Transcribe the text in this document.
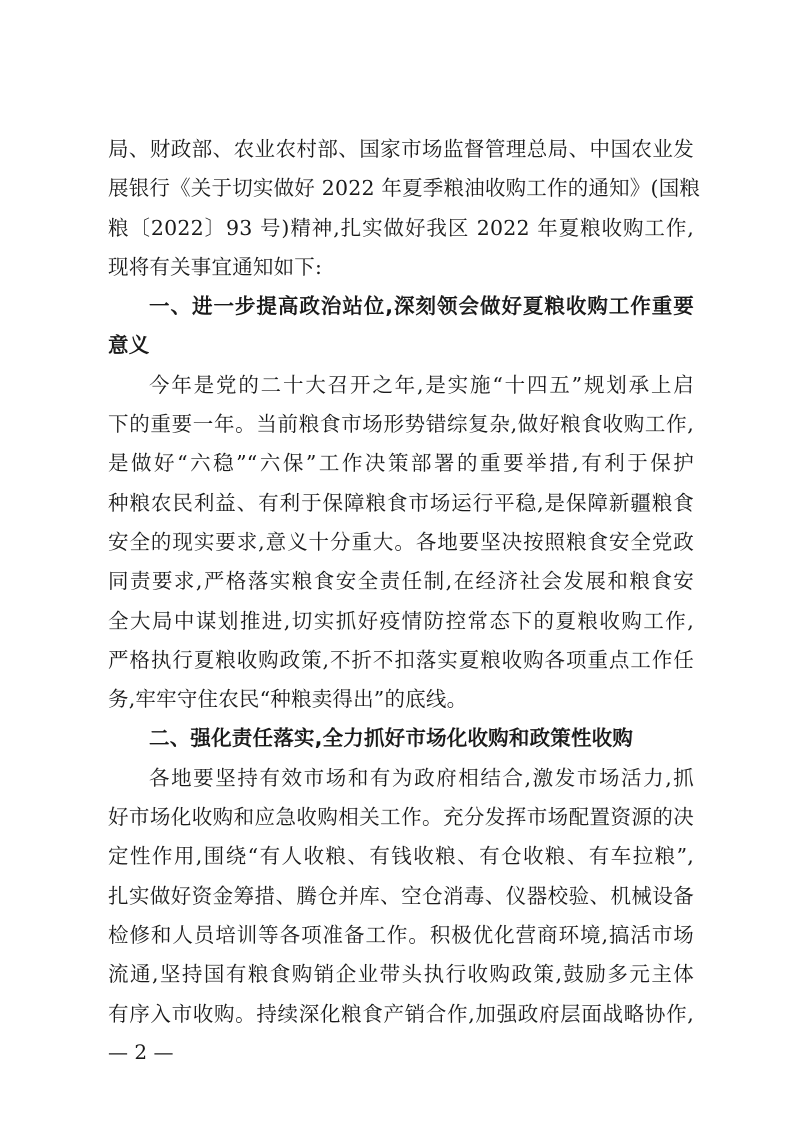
局、财政部、农业农村部、国家市场监督管理总局、中国农业发
展银行《关于切实做好 2022 年夏季粮油收购工作的通知》(国粮
粮〔2022〕93 号)精神,扎实做好我区 2022 年夏粮收购工作,
现将有关事宜通知如下:
一、进一步提高政治站位,深刻领会做好夏粮收购工作重要
意义
今年是党的二十大召开之年,是实施“十四五”规划承上启
下的重要一年。当前粮食市场形势错综复杂,做好粮食收购工作,
是做好“六稳”“六保”工作决策部署的重要举措,有利于保护
种粮农民利益、有利于保障粮食市场运行平稳,是保障新疆粮食
安全的现实要求,意义十分重大。各地要坚决按照粮食安全党政
同责要求,严格落实粮食安全责任制,在经济社会发展和粮食安
全大局中谋划推进,切实抓好疫情防控常态下的夏粮收购工作,
严格执行夏粮收购政策,不折不扣落实夏粮收购各项重点工作任
务,牢牢守住农民“种粮卖得出”的底线。
二、强化责任落实,全力抓好市场化收购和政策性收购
各地要坚持有效市场和有为政府相结合,激发市场活力,抓
好市场化收购和应急收购相关工作。充分发挥市场配置资源的决
定性作用,围绕“有人收粮、有钱收粮、有仓收粮、有车拉粮”,
扎实做好资金筹措、腾仓并库、空仓消毒、仪器校验、机械设备
检修和人员培训等各项准备工作。积极优化营商环境,搞活市场
流通,坚持国有粮食购销企业带头执行收购政策,鼓励多元主体
有序入市收购。持续深化粮食产销合作,加强政府层面战略协作,
— 2 —
